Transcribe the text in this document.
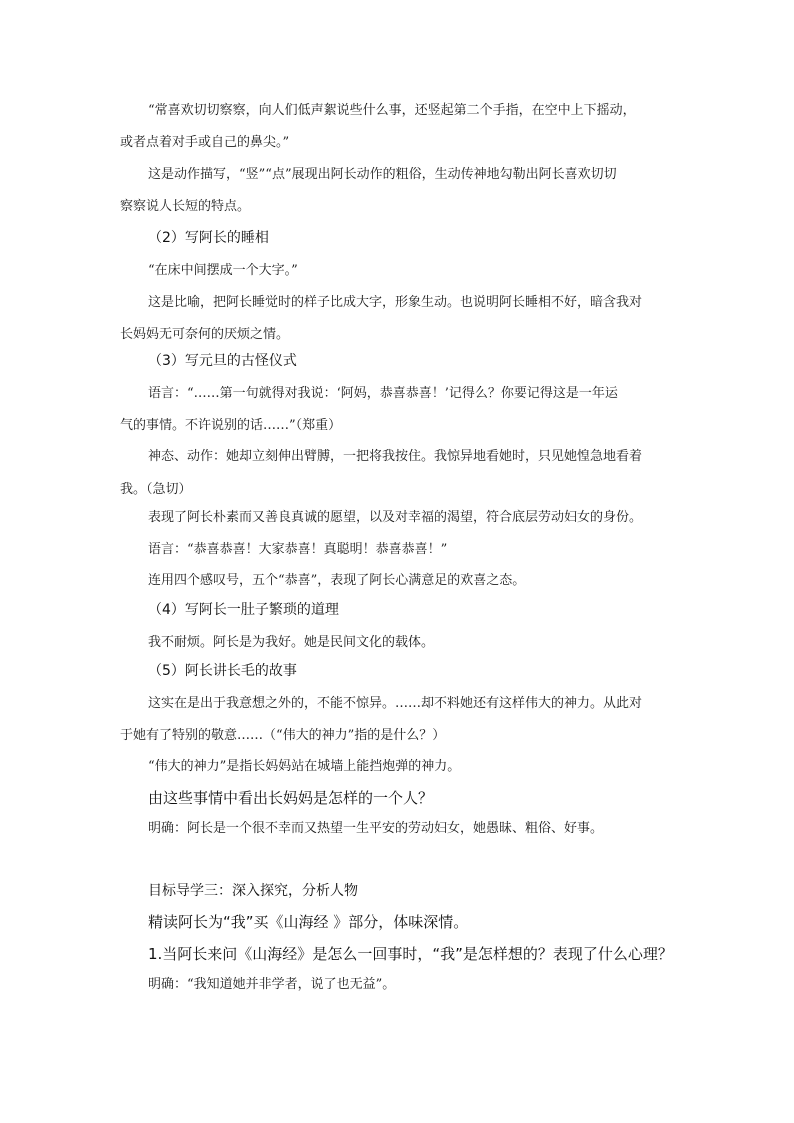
“常喜欢切切察察，向人们低声絮说些什么事，还竖起第二个手指，在空中上下摇动，
或者点着对手或自己的鼻尖。”
这是动作描写，“竖”“点”展现出阿长动作的粗俗，生动传神地勾勒出阿长喜欢切切
察察说人长短的特点。
（2）写阿长的睡相
“在床中间摆成一个大字。”
这是比喻，把阿长睡觉时的样子比成大字，形象生动。也说明阿长睡相不好，暗含我对
长妈妈无可奈何的厌烦之情。
（3）写元旦的古怪仪式
语言：“……第一句就得对我说：‘阿妈，恭喜恭喜！’记得么？你要记得这是一年运
气的事情。不许说别的话……”（郑重）
神态、动作：她却立刻伸出臂膊，一把将我按住。我惊异地看她时，只见她惶急地看着
我。（急切）
表现了阿长朴素而又善良真诚的愿望，以及对幸福的渴望，符合底层劳动妇女的身份。
语言：“恭喜恭喜！大家恭喜！真聪明！恭喜恭喜！”
连用四个感叹号，五个“恭喜”，表现了阿长心满意足的欢喜之态。
（4）写阿长一肚子繁琐的道理
我不耐烦。阿长是为我好。她是民间文化的载体。
（5）阿长讲长毛的故事
这实在是出于我意想之外的，不能不惊异。……却不料她还有这样伟大的神力。从此对
于她有了特别的敬意……（“伟大的神力”指的是什么？）
“伟大的神力”是指长妈妈站在城墙上能挡炮弹的神力。
由这些事情中看出长妈妈是怎样的一个人？
明确：阿长是一个很不幸而又热望一生平安的劳动妇女，她愚昧、粗俗、好事。
目标导学三：深入探究，分析人物
精读阿长为“我”买《山海经 》部分，体味深情。
1.当阿长来问《山海经》是怎么一回事时，“我”是怎样想的？表现了什么心理？
明确：“我知道她并非学者，说了也无益”。
